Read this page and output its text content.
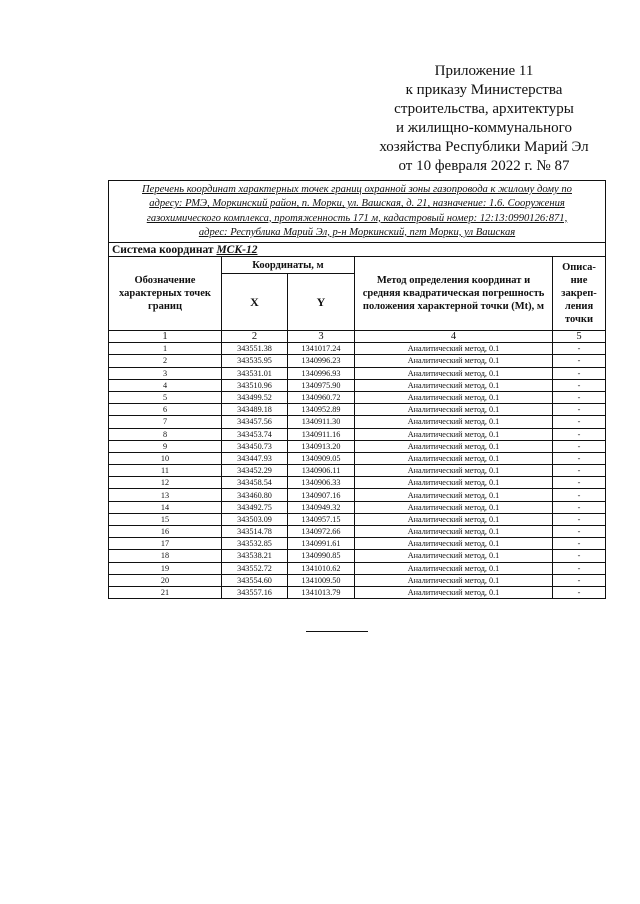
Приложение 11
к приказу Министерства
строительства, архитектуры
и жилищно-коммунального
хозяйства Республики Марий Эл
от 10 февраля 2022 г. № 87
Перечень координат характерных точек границ охранной зоны газопровода к жилому дому по
адресу: РМЭ, Моркинский район, п. Морки, ул. Вашская, д. 21, назначение: 1.6. Сооружения
газохимического комплекса, протяженность 171 м, кадастровый номер: 12:13:0990126:871,
адрес: Республика Марий Эл, р-н Моркинский, пгт Морки, ул Вашская				

Система координат МСК-12				
Обозначение характерных точек границ	Координаты, м		Метод определения координат и средняя квадратическая погрешность положения характерной точки (Mt), м	Описа-ние закреп-ления точки
	X	Y		
1	2	3	4	5
1	343551.38	1341017.24	Аналитический метод, 0.1	-
2	343535.95	1340996.23	Аналитический метод, 0.1	-
3	343531.01	1340996.93	Аналитический метод, 0.1	-
4	343510.96	1340975.90	Аналитический метод, 0.1	-
5	343499.52	1340960.72	Аналитический метод, 0.1	-
6	343489.18	1340952.89	Аналитический метод, 0.1	-
7	343457.56	1340911.30	Аналитический метод, 0.1	-
8	343453.74	1340911.16	Аналитический метод, 0.1	-
9	343450.73	1340913.20	Аналитический метод, 0.1	-
10	343447.93	1340909.05	Аналитический метод, 0.1	-
11	343452.29	1340906.11	Аналитический метод, 0.1	-
12	343458.54	1340906.33	Аналитический метод, 0.1	-
13	343460.80	1340907.16	Аналитический метод, 0.1	-
14	343492.75	1340949.32	Аналитический метод, 0.1	-
15	343503.09	1340957.15	Аналитический метод, 0.1	-
16	343514.78	1340972.66	Аналитический метод, 0.1	-
17	343532.85	1340991.61	Аналитический метод, 0.1	-
18	343538.21	1340990.85	Аналитический метод, 0.1	-
19	343552.72	1341010.62	Аналитический метод, 0.1	-
20	343554.60	1341009.50	Аналитический метод, 0.1	-
21	343557.16	1341013.79	Аналитический метод, 0.1	-
